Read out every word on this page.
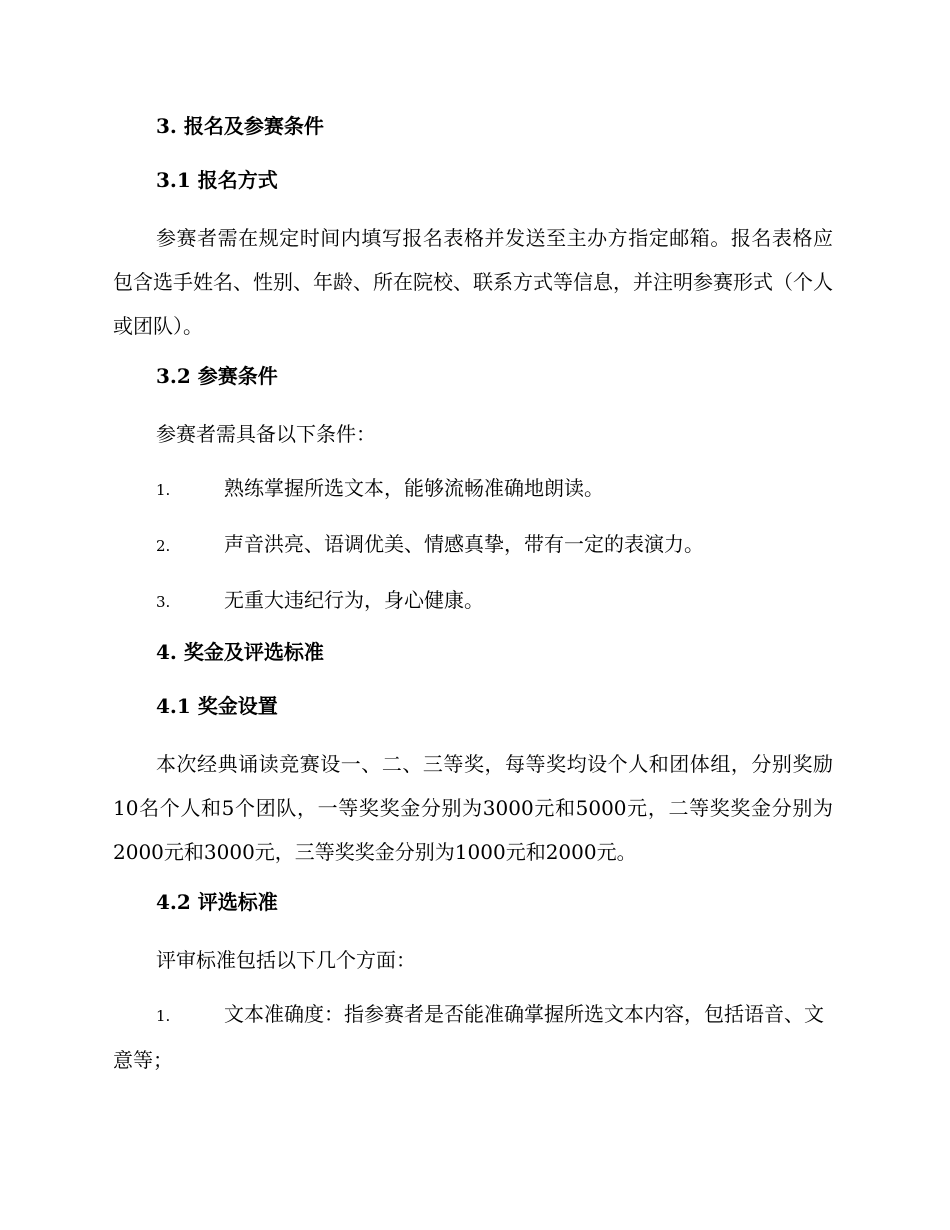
3. 报名及参赛条件
3.1 报名方式

参赛者需在规定时间内填写报名表格并发送至主办方指定邮箱。报名表格应包含选手姓名、性别、年龄、所在院校、联系方式等信息，并注明参赛形式（个人或团队）。

3.2 参赛条件

参赛者需具备以下条件：

1.	熟练掌握所选文本，能够流畅准确地朗读。
2.	声音洪亮、语调优美、情感真挚，带有一定的表演力。
3.	无重大违纪行为，身心健康。
4. 奖金及评选标准
4.1 奖金设置

本次经典诵读竞赛设一、二、三等奖，每等奖均设个人和团体组，分别奖励10名个人和5个团队，一等奖奖金分别为3000元和5000元，二等奖奖金分别为2000元和3000元，三等奖奖金分别为1000元和2000元。

4.2 评选标准

评审标准包括以下几个方面：

1.	文本准确度：指参赛者是否能准确掌握所选文本内容，包括语音、文意等；
